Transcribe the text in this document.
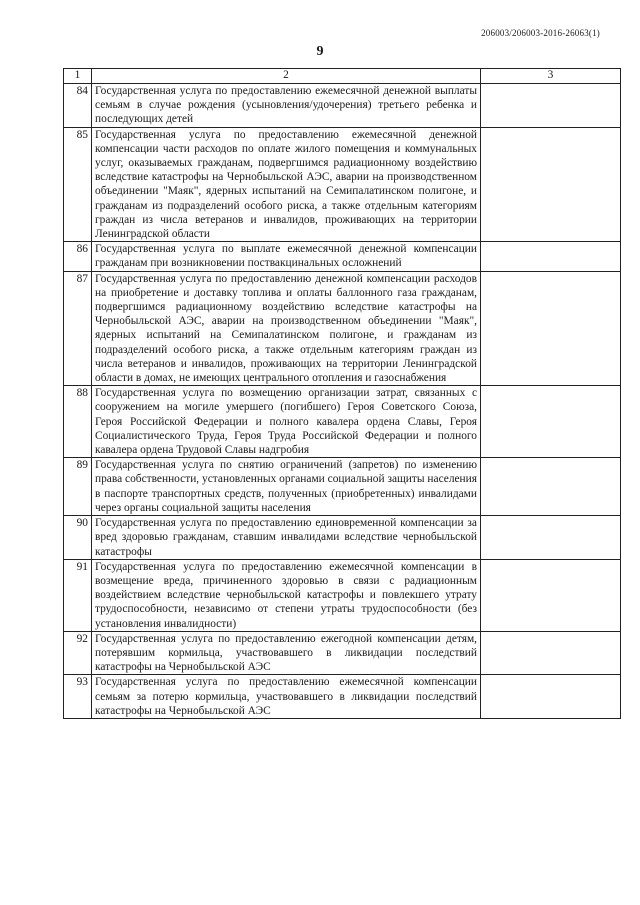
206003/206003-2016-26063(1)
9
1	2	3
84	Государственная услуга по предоставлению ежемесячной денежной выплаты семьям в случае рождения (усыновления/удочерения) третьего ребенка и последующих детей	
85	Государственная услуга по предоставлению ежемесячной денежной компенсации части расходов по оплате жилого помещения и коммунальных услуг, оказываемых гражданам, подвергшимся радиационному воздействию вследствие катастрофы на Чернобыльской АЭС, аварии на производственном объединении "Маяк", ядерных испытаний на Семипалатинском полигоне, и гражданам из подразделений особого риска, а также отдельным категориям граждан из числа ветеранов и инвалидов, проживающих на территории Ленинградской области	
86	Государственная услуга по выплате ежемесячной денежной компенсации гражданам при возникновении поствакцинальных осложнений	
87	Государственная услуга по предоставлению денежной компенсации расходов на приобретение и доставку топлива и оплаты баллонного газа гражданам, подвергшимся радиационному воздействию вследствие катастрофы на Чернобыльской АЭС, аварии на производственном объединении "Маяк", ядерных испытаний на Семипалатинском полигоне, и гражданам из подразделений особого риска, а также отдельным категориям граждан из числа ветеранов и инвалидов, проживающих на территории Ленинградской области в домах, не имеющих центрального отопления и газоснабжения	
88	Государственная услуга по возмещению организации затрат, связанных с сооружением на могиле умершего (погибшего) Героя Советского Союза, Героя Российской Федерации и полного кавалера ордена Славы, Героя Социалистического Труда, Героя Труда Российской Федерации и полного кавалера ордена Трудовой Славы надгробия	
89	Государственная услуга по снятию ограничений (запретов) по изменению права собственности, установленных органами социальной защиты населения в паспорте транспортных средств, полученных (приобретенных) инвалидами через органы социальной защиты населения	
90	Государственная услуга по предоставлению единовременной компенсации за вред здоровью гражданам, ставшим инвалидами вследствие чернобыльской катастрофы	
91	Государственная услуга по предоставлению ежемесячной компенсации в возмещение вреда, причиненного здоровью в связи с радиационным воздействием вследствие чернобыльской катастрофы и повлекшего утрату трудоспособности, независимо от степени утраты трудоспособности (без установления инвалидности)	
92	Государственная услуга по предоставлению ежегодной компенсации детям, потерявшим кормильца, участвовавшего в ликвидации последствий катастрофы на Чернобыльской АЭС	
93	Государственная услуга по предоставлению ежемесячной компенсации семьям за потерю кормильца, участвовавшего в ликвидации последствий катастрофы на Чернобыльской АЭС	
